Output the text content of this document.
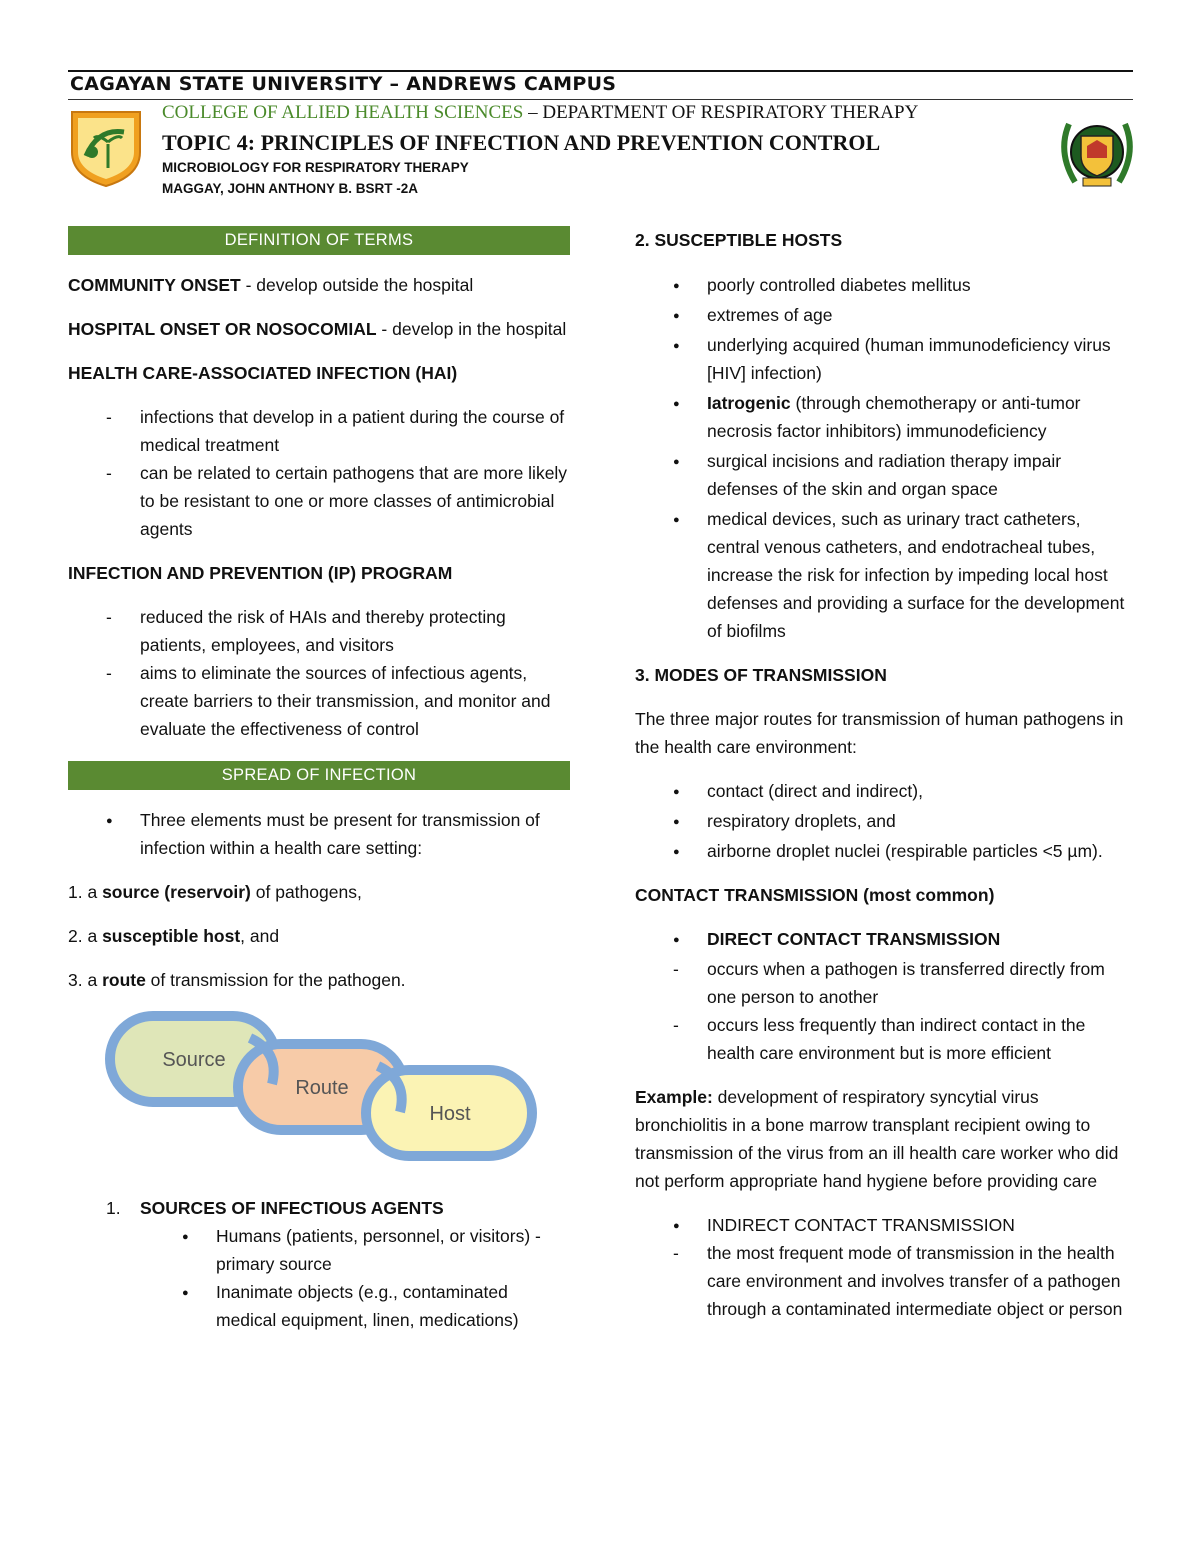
CAGAYAN STATE UNIVERSITY – ANDREWS CAMPUS
COLLEGE OF ALLIED HEALTH SCIENCES – DEPARTMENT OF RESPIRATORY THERAPY
TOPIC 4: PRINCIPLES OF INFECTION AND PREVENTION CONTROL
MICROBIOLOGY FOR RESPIRATORY THERAPY
MAGGAY, JOHN ANTHONY B. BSRT -2A
DEFINITION OF TERMS

COMMUNITY ONSET - develop outside the hospital

HOSPITAL ONSET OR NOSOCOMIAL - develop in the hospital

HEALTH CARE-ASSOCIATED INFECTION (HAI)

- infections that develop in a patient during the course of medical treatment
- can be related to certain pathogens that are more likely to be resistant to one or more classes of antimicrobial agents

INFECTION AND PREVENTION (IP) PROGRAM

- reduced the risk of HAIs and thereby protecting patients, employees, and visitors
- aims to eliminate the sources of infectious agents, create barriers to their transmission, and monitor and evaluate the effectiveness of control
SPREAD OF INFECTION
● Three elements must be present for transmission of infection within a health care setting:

1. a source (reservoir) of pathogens,

2. a susceptible host, and

3. a route of transmission for the pathogen.

Source
Route
Host
1. SOURCES OF INFECTIOUS AGENTS
● Humans (patients, personnel, or visitors) - primary source
● Inanimate objects (e.g., contaminated medical equipment, linen, medications)

2. SUSCEPTIBLE HOSTS

● poorly controlled diabetes mellitus
● extremes of age
● underlying acquired (human immunodeficiency virus [HIV] infection)
● Iatrogenic (through chemotherapy or anti-tumor necrosis factor inhibitors) immunodeficiency
● surgical incisions and radiation therapy impair defenses of the skin and organ space
● medical devices, such as urinary tract catheters, central venous catheters, and endotracheal tubes, increase the risk for infection by impeding local host defenses and providing a surface for the development of biofilms

3. MODES OF TRANSMISSION

The three major routes for transmission of human pathogens in the health care environment:

● contact (direct and indirect),
● respiratory droplets, and
● airborne droplet nuclei (respirable particles <5 µm).

CONTACT TRANSMISSION (most common)

● DIRECT CONTACT TRANSMISSION
- occurs when a pathogen is transferred directly from one person to another
- occurs less frequently than indirect contact in the health care environment but is more efficient

Example: development of respiratory syncytial virus bronchiolitis in a bone marrow transplant recipient owing to transmission of the virus from an ill health care worker who did not perform appropriate hand hygiene before providing care

● INDIRECT CONTACT TRANSMISSION
- the most frequent mode of transmission in the health care environment and involves transfer of a pathogen through a contaminated intermediate object or person
